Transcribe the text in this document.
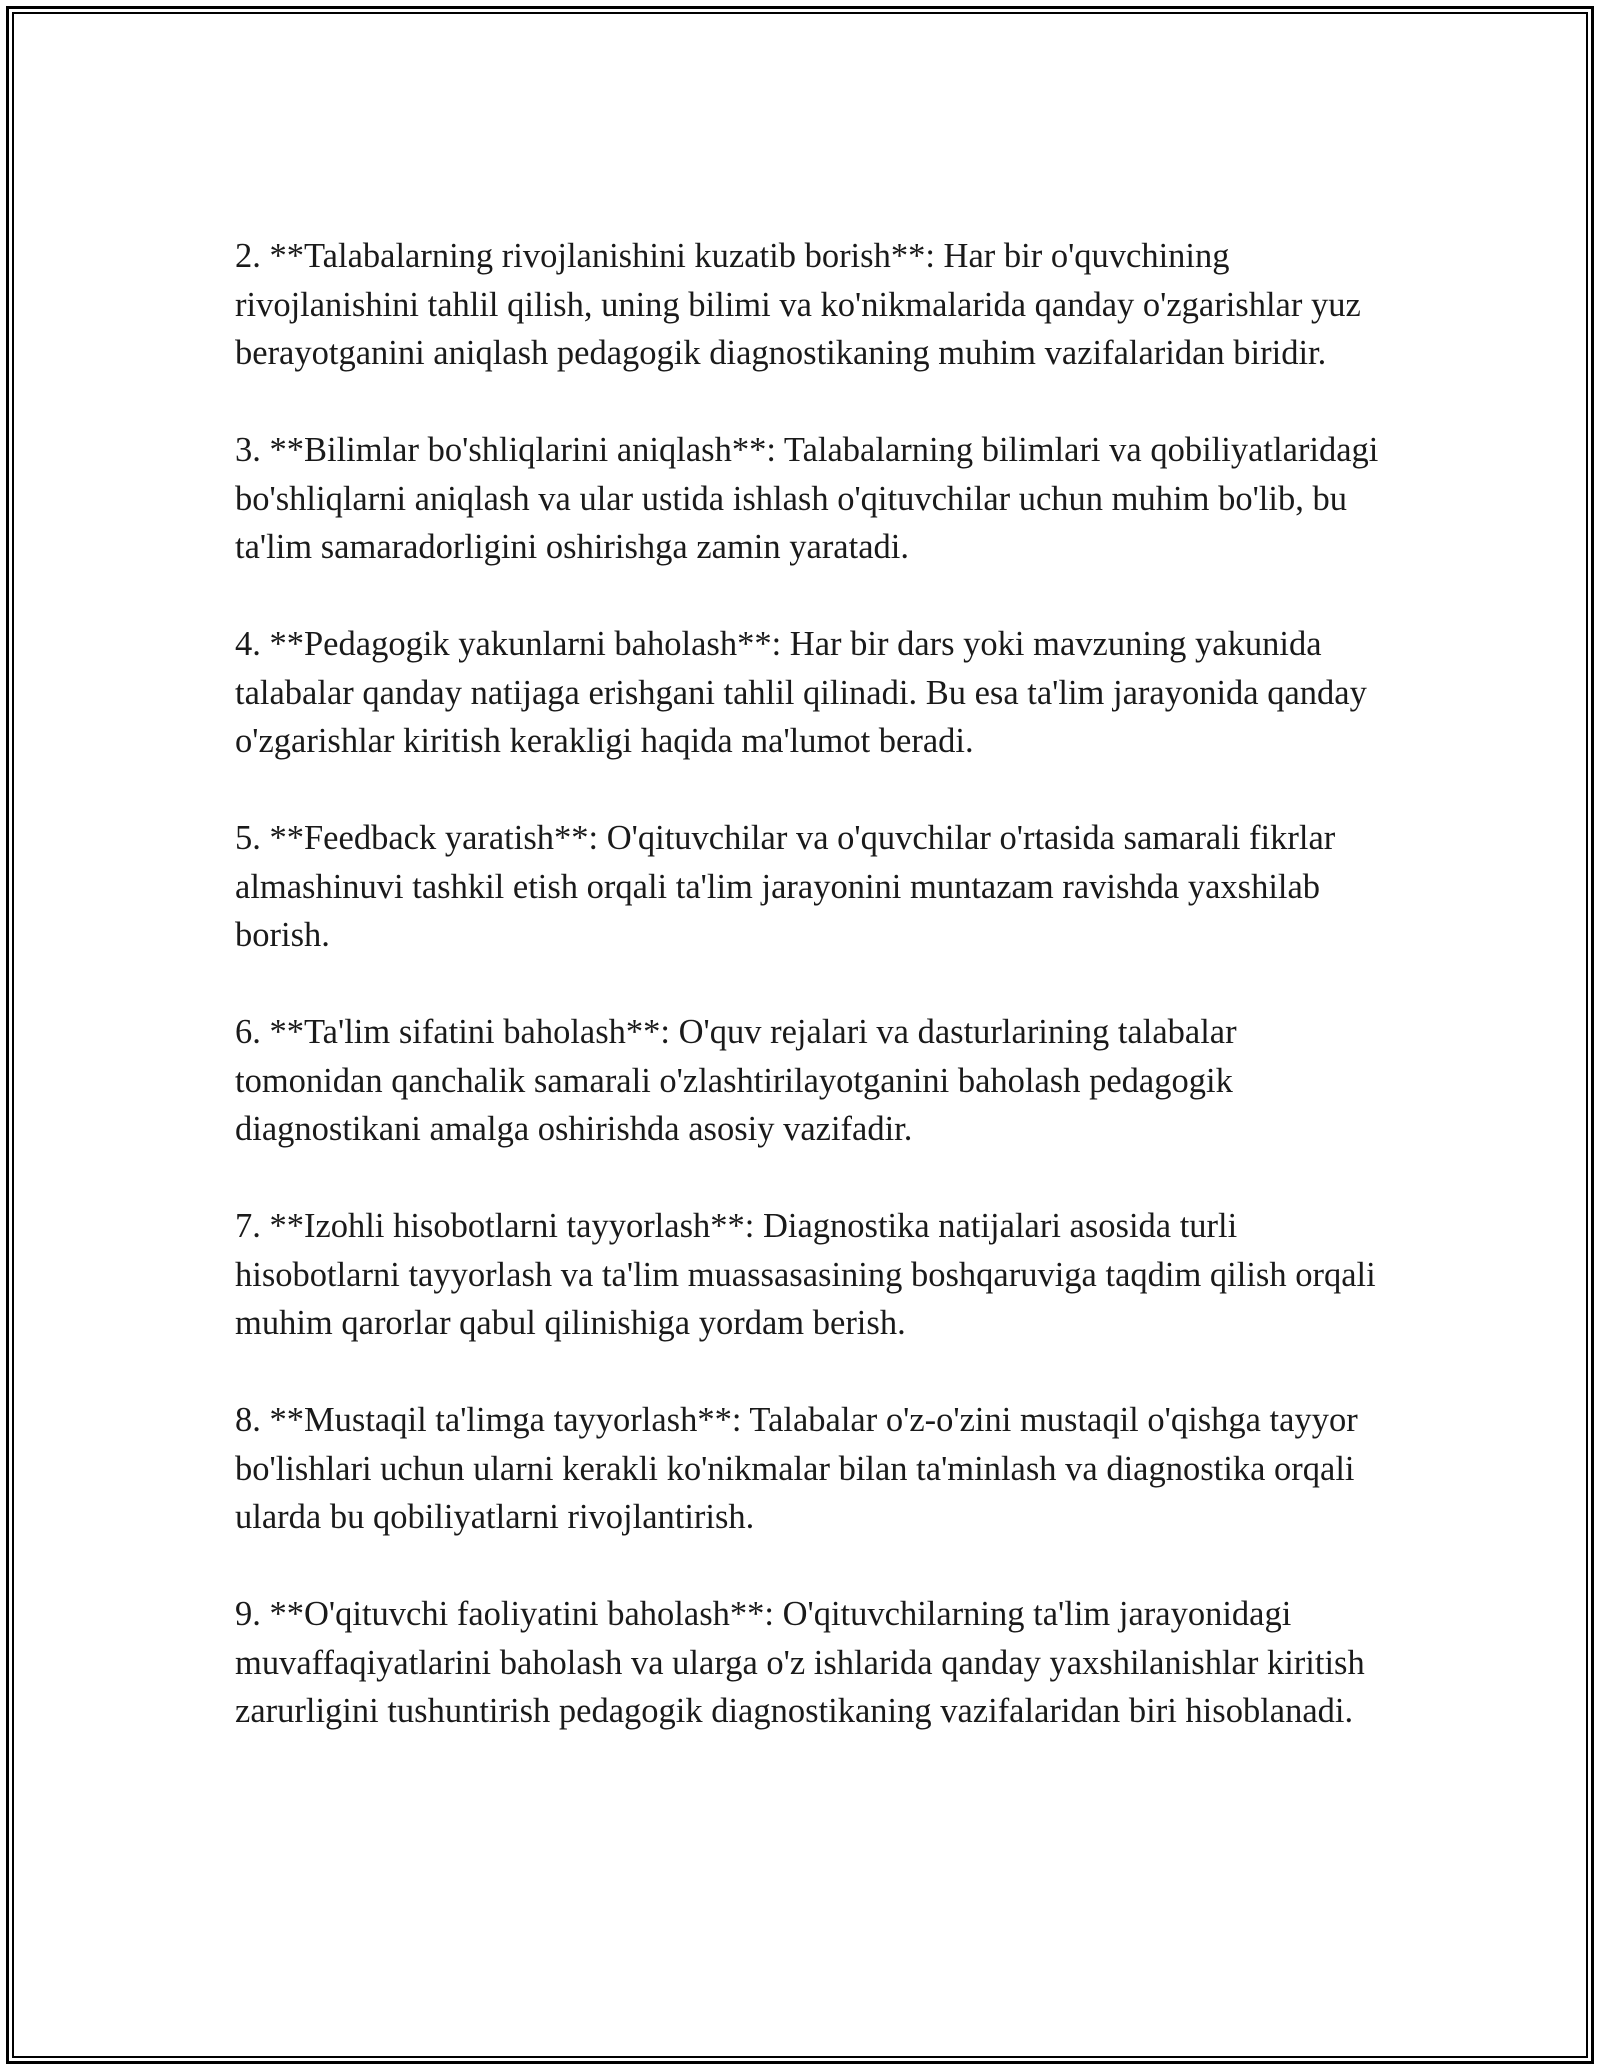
2. **Talabalarning rivojlanishini kuzatib borish**: Har bir o'quvchining rivojlanishini tahlil qilish, uning bilimi va ko'nikmalarida qanday o'zgarishlar yuz berayotganini aniqlash pedagogik diagnostikaning muhim vazifalaridan biridir.

3. **Bilimlar bo'shliqlarini aniqlash**: Talabalarning bilimlari va qobiliyatlaridagi bo'shliqlarni aniqlash va ular ustida ishlash o'qituvchilar uchun muhim bo'lib, bu ta'lim samaradorligini oshirishga zamin yaratadi.

4. **Pedagogik yakunlarni baholash**: Har bir dars yoki mavzuning yakunida talabalar qanday natijaga erishgani tahlil qilinadi. Bu esa ta'lim jarayonida qanday o'zgarishlar kiritish kerakligi haqida ma'lumot beradi.

5. **Feedback yaratish**: O'qituvchilar va o'quvchilar o'rtasida samarali fikrlar almashinuvi tashkil etish orqali ta'lim jarayonini muntazam ravishda yaxshilab borish.

6. **Ta'lim sifatini baholash**: O'quv rejalari va dasturlarining talabalar tomonidan qanchalik samarali o'zlashtirilayotganini baholash pedagogik diagnostikani amalga oshirishda asosiy vazifadir.

7. **Izohli hisobotlarni tayyorlash**: Diagnostika natijalari asosida turli hisobotlarni tayyorlash va ta'lim muassasasining boshqaruviga taqdim qilish orqali muhim qarorlar qabul qilinishiga yordam berish.

8. **Mustaqil ta'limga tayyorlash**: Talabalar o'z-o'zini mustaqil o'qishga tayyor bo'lishlari uchun ularni kerakli ko'nikmalar bilan ta'minlash va diagnostika orqali ularda bu qobiliyatlarni rivojlantirish.

9. **O'qituvchi faoliyatini baholash**: O'qituvchilarning ta'lim jarayonidagi muvaffaqiyatlarini baholash va ularga o'z ishlarida qanday yaxshilanishlar kiritish zarurligini tushuntirish pedagogik diagnostikaning vazifalaridan biri hisoblanadi.
